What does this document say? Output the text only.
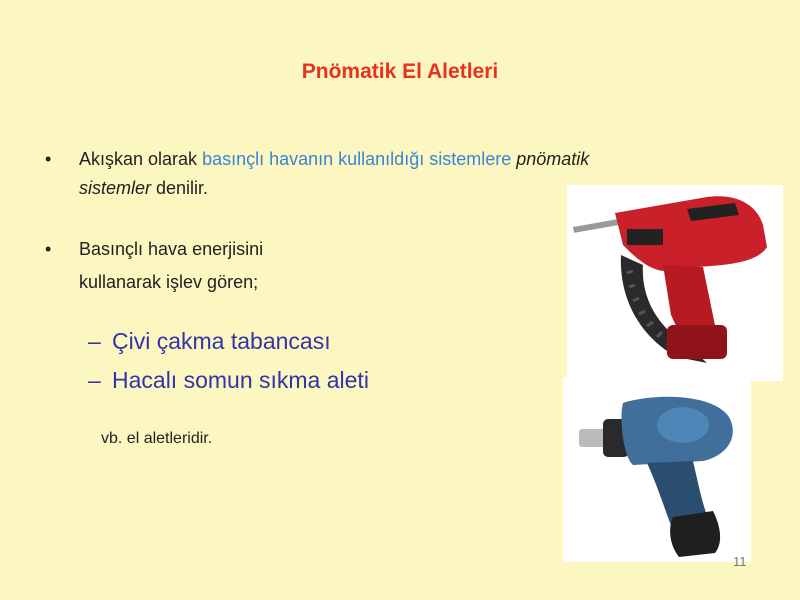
Pnömatik El Aletleri
• Akışkan olarak basınçlı havanın kullanıldığı sistemlere pnömatik
sistemler denilir.
• Basınçlı hava enerjisini
kullanarak işlev gören;
– Çivi çakma tabancası
– Hacalı somun sıkma aleti
vb. el aletleridir.
11
